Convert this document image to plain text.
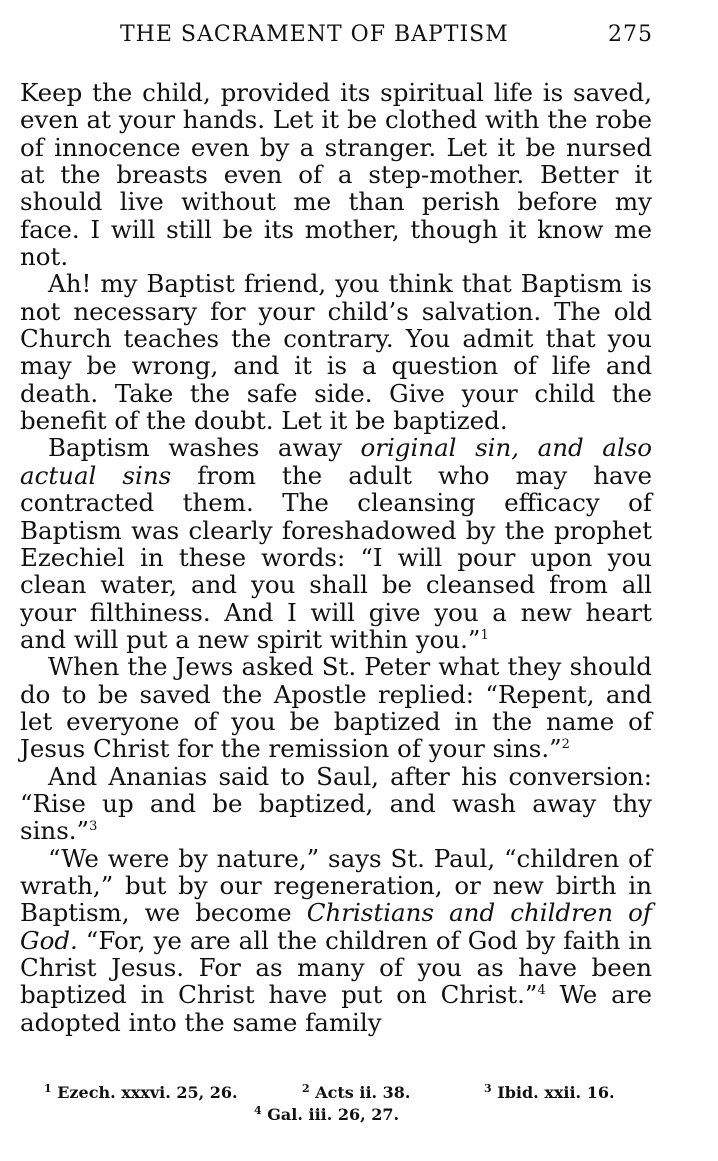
THE SACRAMENT OF BAPTISM	275

Keep the child, provided its spiritual life is saved, even at your hands. Let it be clothed with the robe of innocence even by a stranger. Let it be nursed at the breasts even of a step-mother. Better it should live without me than perish before my face. I will still be its mother, though it know me not.

Ah! my Baptist friend, you think that Baptism is not necessary for your child’s salvation. The old Church teaches the contrary. You admit that you may be wrong, and it is a question of life and death. Take the safe side. Give your child the benefit of the doubt. Let it be baptized.

Baptism washes away original sin, and also actual sins from the adult who may have contracted them. The cleansing efficacy of Baptism was clearly foreshadowed by the prophet Ezechiel in these words: “I will pour upon you clean water, and you shall be cleansed from all your filthiness. And I will give you a new heart and will put a new spirit within you.”$^1$

When the Jews asked St. Peter what they should do to be saved the Apostle replied: “Repent, and let everyone of you be baptized in the name of Jesus Christ for the remission of your sins.”$^2$

And Ananias said to Saul, after his conversion: “Rise up and be baptized, and wash away thy sins.”$^3$

“We were by nature,” says St. Paul, “children of wrath,” but by our regeneration, or new birth in Baptism, we become Christians and children of God. “For, ye are all the children of God by faith in Christ Jesus. For as many of you as have been baptized in Christ have put on Christ.”$^4$ We are adopted into the same family

$^1$ Ezech. xxxvi. 25, 26.	$^2$ Acts ii. 38.	$^3$ Ibid. xxii. 16.
$^4$ Gal. iii. 26, 27.
